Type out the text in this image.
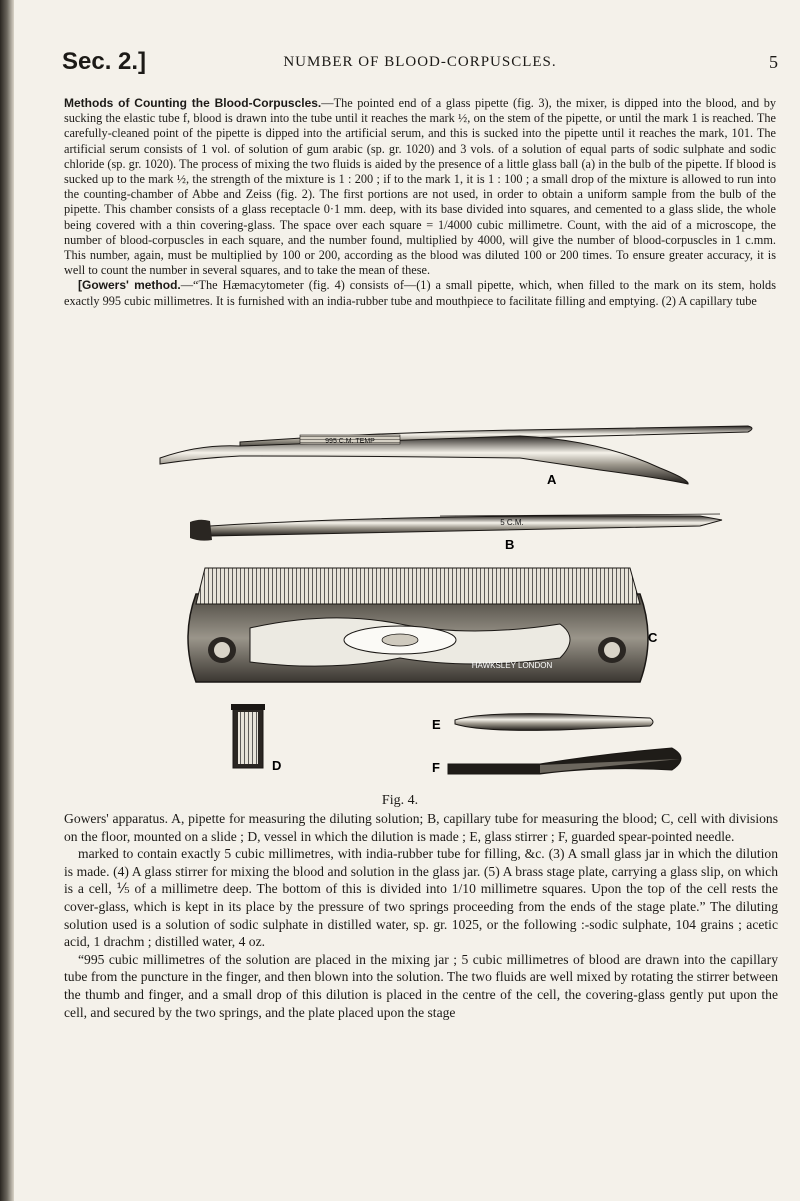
Sec. 2.]	NUMBER OF BLOOD-CORPUSCLES.	5

Methods of Counting the Blood-Corpuscles.—The pointed end of a glass pipette (fig. 3), the mixer, is dipped into the blood, and by sucking the elastic tube f, blood is drawn into the tube until it reaches the mark ½, on the stem of the pipette, or until the mark 1 is reached. The carefully-cleaned point of the pipette is dipped into the artificial serum, and this is sucked into the pipette until it reaches the mark, 101. The artificial serum consists of 1 vol. of solution of gum arabic (sp. gr. 1020) and 3 vols. of a solution of equal parts of sodic sulphate and sodic chloride (sp. gr. 1020). The process of mixing the two fluids is aided by the presence of a little glass ball (a) in the bulb of the pipette. If blood is sucked up to the mark ½, the strength of the mixture is 1 : 200 ; if to the mark 1, it is 1 : 100 ; a small drop of the mixture is allowed to run into the counting-chamber of Abbe and Zeiss (fig. 2). The first portions are not used, in order to obtain a uniform sample from the bulb of the pipette. This chamber consists of a glass receptacle 0·1 mm. deep, with its base divided into squares, and cemented to a glass slide, the whole being covered with a thin covering-glass. The space over each square = 1/4000 cubic millimetre. Count, with the aid of a microscope, the number of blood-corpuscles in each square, and the number found, multiplied by 4000, will give the number of blood-corpuscles in 1 c.mm. This number, again, must be multiplied by 100 or 200, according as the blood was diluted 100 or 200 times. To ensure greater accuracy, it is well to count the number in several squares, and to take the mean of these.

[Gowers' method.—“The Hæmacytometer (fig. 4) consists of—(1) a small pipette, which, when filled to the mark on its stem, holds exactly 995 cubic millimetres. It is furnished with an india-rubber tube and mouthpiece to facilitate filling and emptying. (2) A capillary tube

995 C.M. TEMP
A
5 C.M.
B
HAWKSLEY LONDON
C
D
E
F
Fig. 4.

Gowers' apparatus. A, pipette for measuring the diluting solution; B, capillary tube for measuring the blood; C, cell with divisions on the floor, mounted on a slide ; D, vessel in which the dilution is made ; E, glass stirrer ; F, guarded spear-pointed needle.

marked to contain exactly 5 cubic millimetres, with india-rubber tube for filling, &c. (3) A small glass jar in which the dilution is made. (4) A glass stirrer for mixing the blood and solution in the glass jar. (5) A brass stage plate, carrying a glass slip, on which is a cell, ⅕ of a millimetre deep. The bottom of this is divided into 1/10 millimetre squares. Upon the top of the cell rests the cover-glass, which is kept in its place by the pressure of two springs proceeding from the ends of the stage plate.” The diluting solution used is a solution of sodic sulphate in distilled water, sp. gr. 1025, or the following :-sodic sulphate, 104 grains ; acetic acid, 1 drachm ; distilled water, 4 oz.

“995 cubic millimetres of the solution are placed in the mixing jar ; 5 cubic millimetres of blood are drawn into the capillary tube from the puncture in the finger, and then blown into the solution. The two fluids are well mixed by rotating the stirrer between the thumb and finger, and a small drop of this dilution is placed in the centre of the cell, the covering-glass gently put upon the cell, and secured by the two springs, and the plate placed upon the stage
